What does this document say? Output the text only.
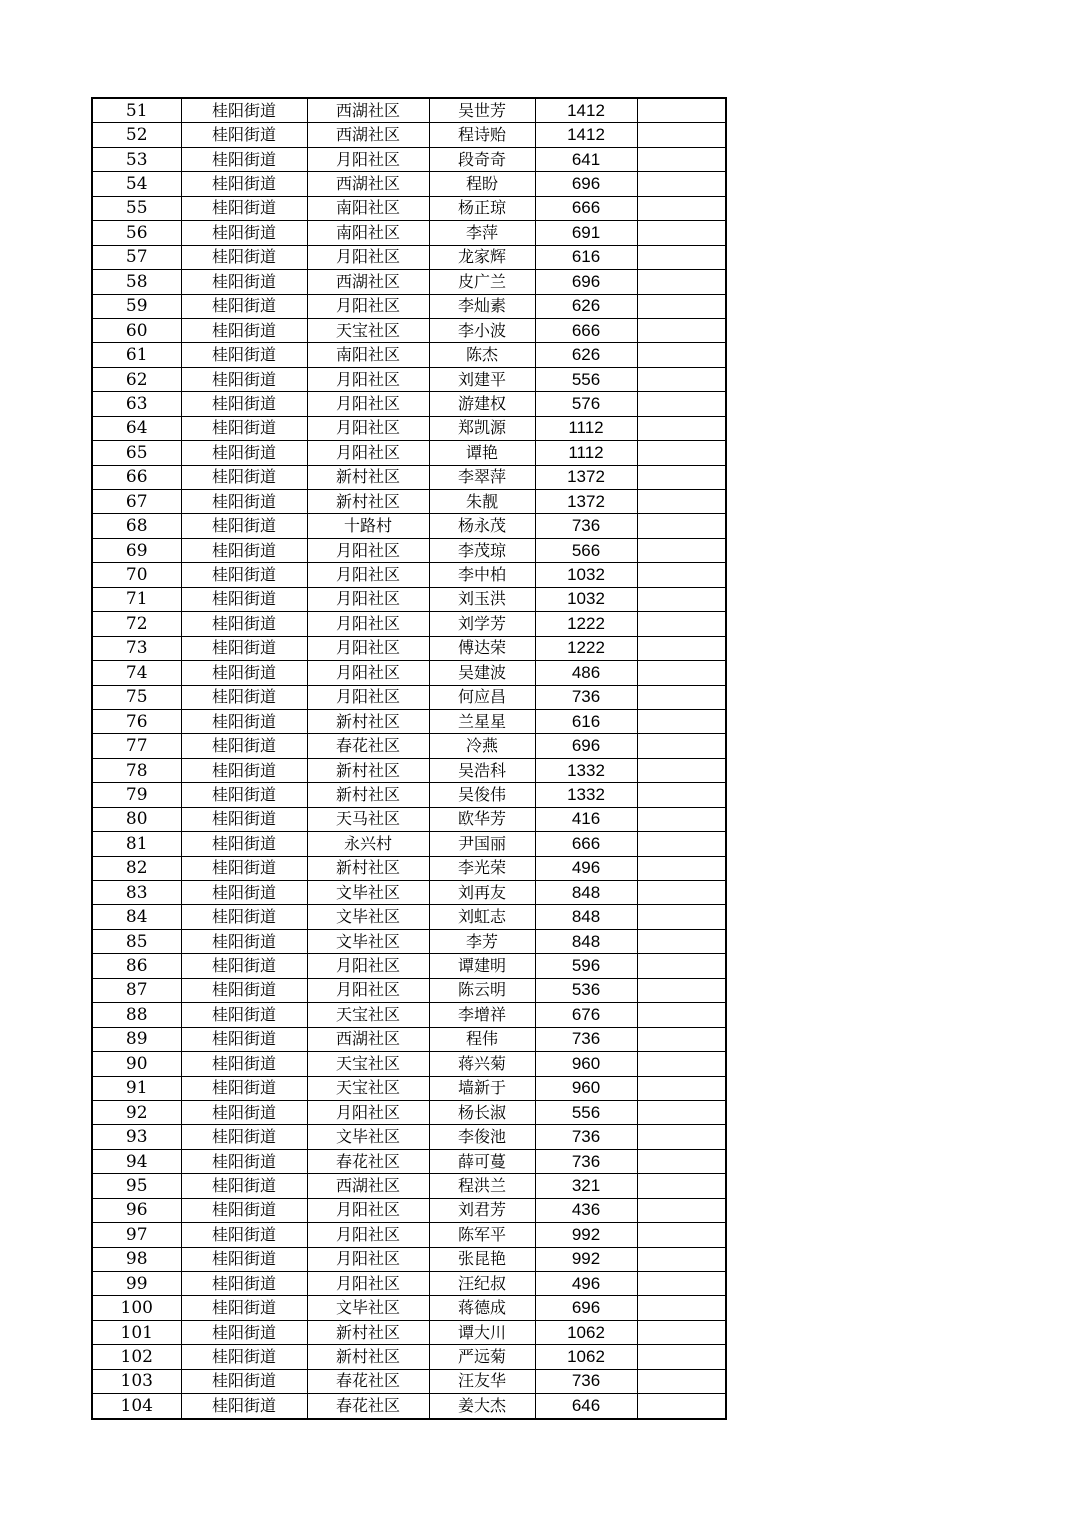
51	桂阳街道	西湖社区	吴世芳	1412	
52	桂阳街道	西湖社区	程诗贻	1412	
53	桂阳街道	月阳社区	段奇奇	641	
54	桂阳街道	西湖社区	程盼	696	
55	桂阳街道	南阳社区	杨正琼	666	
56	桂阳街道	南阳社区	李萍	691	
57	桂阳街道	月阳社区	龙家辉	616	
58	桂阳街道	西湖社区	皮广兰	696	
59	桂阳街道	月阳社区	李灿素	626	
60	桂阳街道	天宝社区	李小波	666	
61	桂阳街道	南阳社区	陈杰	626	
62	桂阳街道	月阳社区	刘建平	556	
63	桂阳街道	月阳社区	游建权	576	
64	桂阳街道	月阳社区	郑凯源	1112	
65	桂阳街道	月阳社区	谭艳	1112	
66	桂阳街道	新村社区	李翠萍	1372	
67	桂阳街道	新村社区	朱靓	1372	
68	桂阳街道	十路村	杨永茂	736	
69	桂阳街道	月阳社区	李茂琼	566	
70	桂阳街道	月阳社区	李中柏	1032	
71	桂阳街道	月阳社区	刘玉洪	1032	
72	桂阳街道	月阳社区	刘学芳	1222	
73	桂阳街道	月阳社区	傅达荣	1222	
74	桂阳街道	月阳社区	吴建波	486	
75	桂阳街道	月阳社区	何应昌	736	
76	桂阳街道	新村社区	兰星星	616	
77	桂阳街道	春花社区	冷燕	696	
78	桂阳街道	新村社区	吴浩科	1332	
79	桂阳街道	新村社区	吴俊伟	1332	
80	桂阳街道	天马社区	欧华芳	416	
81	桂阳街道	永兴村	尹国丽	666	
82	桂阳街道	新村社区	李光荣	496	
83	桂阳街道	文毕社区	刘再友	848	
84	桂阳街道	文毕社区	刘虹志	848	
85	桂阳街道	文毕社区	李芳	848	
86	桂阳街道	月阳社区	谭建明	596	
87	桂阳街道	月阳社区	陈云明	536	
88	桂阳街道	天宝社区	李增祥	676	
89	桂阳街道	西湖社区	程伟	736	
90	桂阳街道	天宝社区	蒋兴菊	960	
91	桂阳街道	天宝社区	墙新于	960	
92	桂阳街道	月阳社区	杨长淑	556	
93	桂阳街道	文毕社区	李俊池	736	
94	桂阳街道	春花社区	薛可蔓	736	
95	桂阳街道	西湖社区	程洪兰	321	
96	桂阳街道	月阳社区	刘君芳	436	
97	桂阳街道	月阳社区	陈军平	992	
98	桂阳街道	月阳社区	张昆艳	992	
99	桂阳街道	月阳社区	汪纪叔	496	
100	桂阳街道	文毕社区	蒋德成	696	
101	桂阳街道	新村社区	谭大川	1062	
102	桂阳街道	新村社区	严远菊	1062	
103	桂阳街道	春花社区	汪友华	736	
104	桂阳街道	春花社区	姜大杰	646	
